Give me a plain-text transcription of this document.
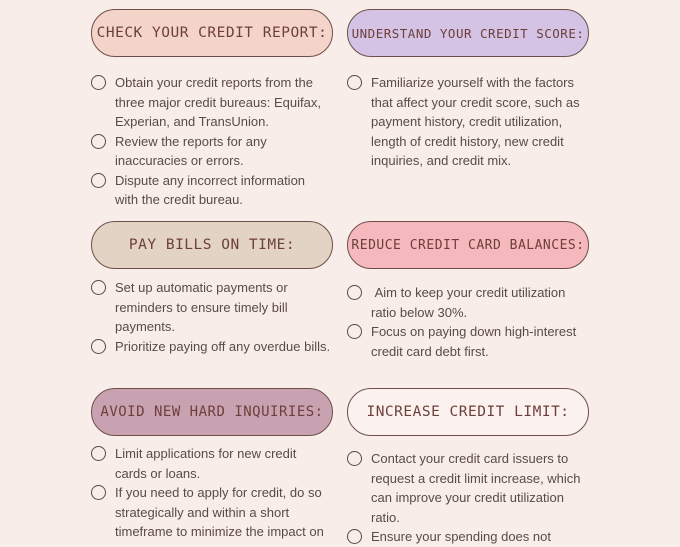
CHECK YOUR CREDIT REPORT:
Obtain your credit reports from the three major credit bureaus: Equifax, Experian, and TransUnion.
Review the reports for any inaccuracies or errors.
Dispute any incorrect information with the credit bureau.
UNDERSTAND YOUR CREDIT SCORE:
Familiarize yourself with the factors that affect your credit score, such as payment history, credit utilization, length of credit history, new credit inquiries, and credit mix.
PAY BILLS ON TIME:
Set up automatic payments or reminders to ensure timely bill payments.
Prioritize paying off any overdue bills.
REDUCE CREDIT CARD BALANCES:
Aim to keep your credit utilization ratio below 30%.
Focus on paying down high-interest credit card debt first.
AVOID NEW HARD INQUIRIES:
Limit applications for new credit cards or loans.
If you need to apply for credit, do so strategically and within a short timeframe to minimize the impact on
INCREASE CREDIT LIMIT:
Contact your credit card issuers to request a credit limit increase, which can improve your credit utilization ratio.
Ensure your spending does not
